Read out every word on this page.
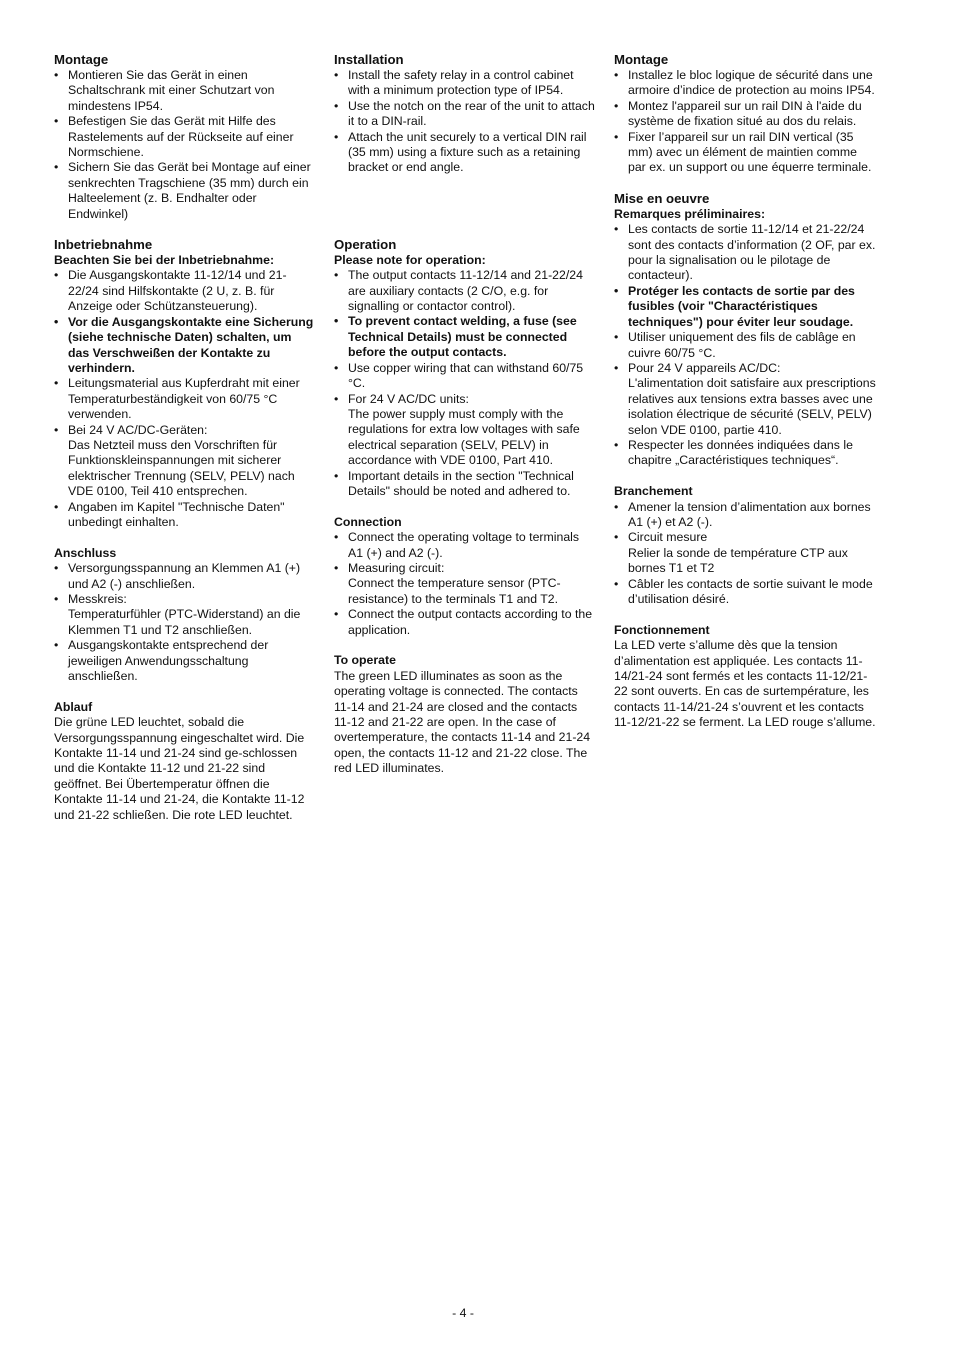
Montage
• Montieren Sie das Gerät in einen Schaltschrank mit einer Schutzart von mindestens IP54.
• Befestigen Sie das Gerät mit Hilfe des Rastelements auf der Rückseite auf einer Normschiene.
• Sichern Sie das Gerät bei Montage auf einer senkrechten Tragschiene (35 mm) durch ein Halteelement (z. B. Endhalter oder Endwinkel)
Inbetriebnahme

Beachten Sie bei der Inbetriebnahme:

• Die Ausgangskontakte 11-12/14 und 21-22/24 sind Hilfskontakte (2 U, z. B. für Anzeige oder Schützansteuerung).
• Vor die Ausgangskontakte eine Sicherung (siehe technische Daten) schalten, um das Verschweißen der Kontakte zu verhindern.
• Leitungsmaterial aus Kupferdraht mit einer Temperaturbeständigkeit von 60/75 °C verwenden.
• Bei 24 V AC/DC-Geräten:
Das Netzteil muss den Vorschriften für Funktionskleinspannungen mit sicherer elektrischer Trennung (SELV, PELV) nach VDE 0100, Teil 410 entsprechen.
• Angaben im Kapitel "Technische Daten" unbedingt einhalten.

Anschluss

• Versorgungsspannung an Klemmen A1 (+) und A2 (-) anschließen.
• Messkreis:
Temperaturfühler (PTC-Widerstand) an die Klemmen T1 und T2 anschließen.
• Ausgangskontakte entsprechend der jeweiligen Anwendungsschaltung anschließen.

Ablauf

Die grüne LED leuchtet, sobald die Versorgungsspannung eingeschaltet wird. Die Kontakte 11-14 und 21-24 sind ge-schlossen und die Kontakte 11-12 und 21-22 sind geöffnet. Bei Übertemperatur öffnen die Kontakte 11-14 und 21-24, die Kontakte 11-12 und 21-22 schließen. Die rote LED leuchtet.

Installation
• Install the safety relay in a control cabinet with a minimum protection type of IP54.
• Use the notch on the rear of the unit to attach it to a DIN-rail.
• Attach the unit securely to a vertical DIN rail (35 mm) using a fixture such as a retaining bracket or end angle.
Operation

Please note for operation:

• The output contacts 11-12/14 and 21-22/24 are auxiliary contacts (2 C/O, e.g. for signalling or contactor control).
• To prevent contact welding, a fuse (see Technical Details) must be connected before the output contacts.
• Use copper wiring that can withstand 60/75 °C.
• For 24 V AC/DC units:
The power supply must comply with the regulations for extra low voltages with safe electrical separation (SELV, PELV) in accordance with VDE 0100, Part 410.
• Important details in the section "Technical Details" should be noted and adhered to.

Connection

• Connect the operating voltage to terminals A1 (+) and A2 (-).
• Measuring circuit:
Connect the temperature sensor (PTC-resistance) to the terminals T1 and T2.
• Connect the output contacts according to the application.

To operate

The green LED illuminates as soon as the operating voltage is connected. The contacts 11-14 and 21-24 are closed and the contacts 11-12 and 21-22 are open. In the case of overtemperature, the contacts 11-14 and 21-24 open, the contacts 11-12 and 21-22 close. The red LED illuminates.

Montage
• Installez le bloc logique de sécurité dans une armoire d’indice de protection au moins IP54.
• Montez l'appareil sur un rail DIN à l'aide du système de fixation situé au dos du relais.
• Fixer l’appareil sur un rail DIN vertical (35 mm) avec un élément de maintien comme par ex. un support ou une équerre terminale.
Mise en oeuvre

Remarques préliminaires:

• Les contacts de sortie 11-12/14 et 21-22/24 sont des contacts d’information (2 OF, par ex. pour la signalisation ou le pilotage de contacteur).
• Protéger les contacts de sortie par des fusibles (voir "Charactéristiques techniques") pour éviter leur soudage.
• Utiliser uniquement des fils de cablâge en cuivre 60/75 °C.
• Pour 24 V appareils AC/DC:
L'alimentation doit satisfaire aux prescriptions relatives aux tensions extra basses avec une isolation électrique de sécurité (SELV, PELV) selon VDE 0100, partie 410.
• Respecter les données indiquées dans le chapitre „Caractéristiques techniques“.

Branchement

• Amener la tension d’alimentation aux bornes A1 (+) et A2 (-).
• Circuit mesure
Relier la sonde de température CTP aux bornes T1 et T2
• Câbler les contacts de sortie suivant le mode d’utilisation désiré.

Fonctionnement

La LED verte s’allume dès que la tension d’alimentation est appliquée. Les contacts 11-14/21-24 sont fermés et les contacts 11-12/21-22 sont ouverts. En cas de surtempérature, les contacts 11-14/21-24 s’ouvrent et les contacts 11-12/21-22 se ferment. La LED rouge s’allume.

- 4 -
